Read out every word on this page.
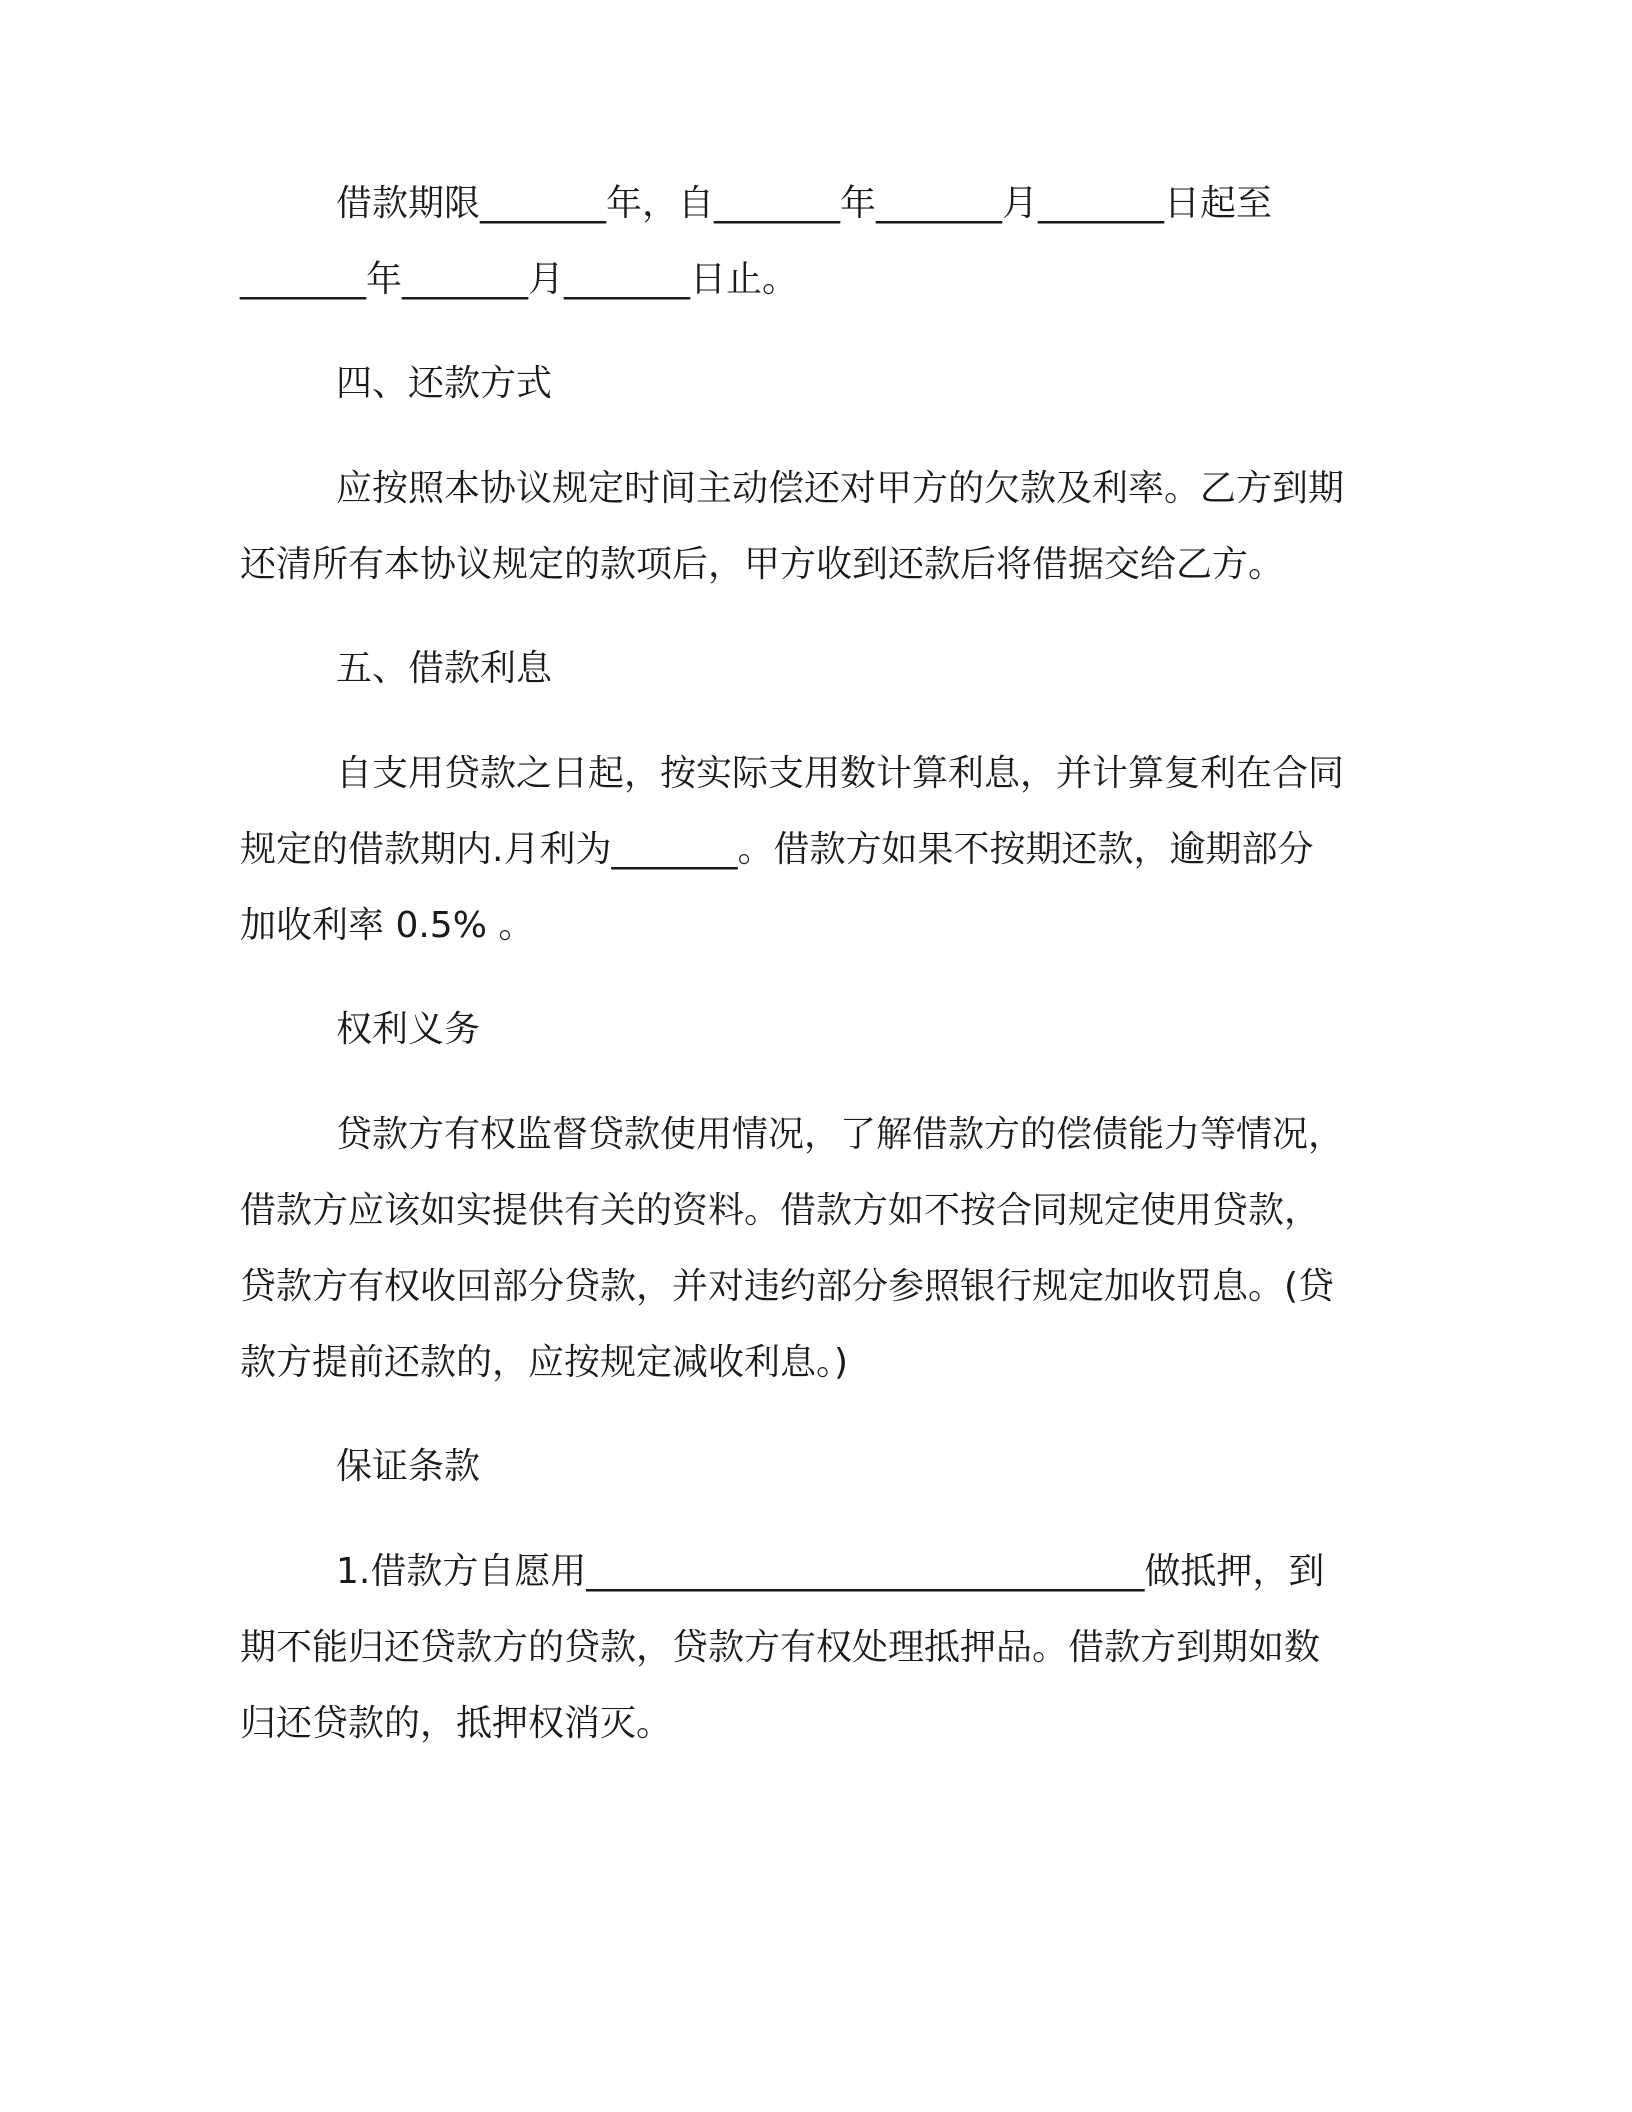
借款期限_______年，自_______年_______月_______日起至

_______年_______月_______日止。

四、还款方式

应按照本协议规定时间主动偿还对甲方的欠款及利率。乙方到期

还清所有本协议规定的款项后，甲方收到还款后将借据交给乙方。

五、借款利息

自支用贷款之日起，按实际支用数计算利息，并计算复利在合同

规定的借款期内.月利为_______。借款方如果不按期还款，逾期部分

加收利率 0.5% 。

权利义务

贷款方有权监督贷款使用情况，了解借款方的偿债能力等情况，

借款方应该如实提供有关的资料。借款方如不按合同规定使用贷款，

贷款方有权收回部分贷款，并对违约部分参照银行规定加收罚息。(贷

款方提前还款的，应按规定减收利息。)

保证条款

1.借款方自愿用_______________________________做抵押，到

期不能归还贷款方的贷款，贷款方有权处理抵押品。借款方到期如数

归还贷款的，抵押权消灭。
